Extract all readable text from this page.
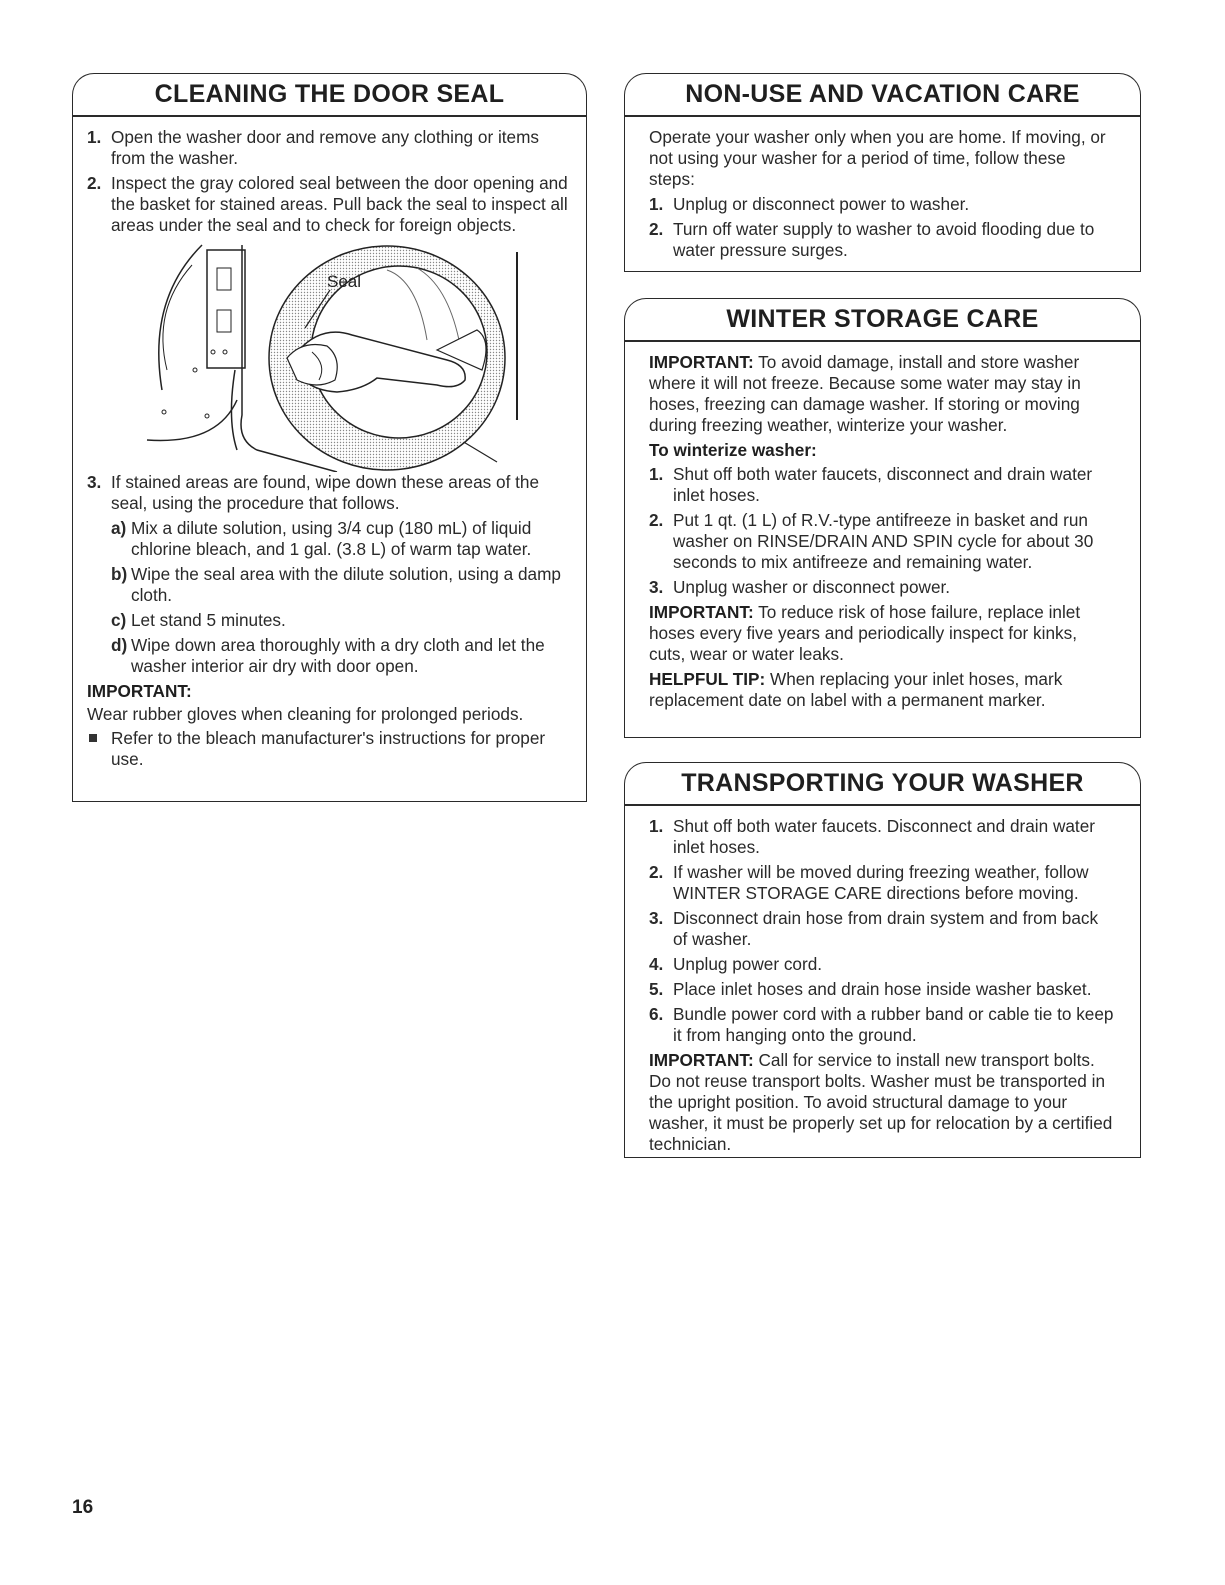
CLEANING THE DOOR SEAL
1. Open the washer door and remove any clothing or items from the washer.
2. Inspect the gray colored seal between the door opening and the basket for stained areas. Pull back the seal to inspect all areas under the seal and to check for foreign objects.
Seal
3. If stained areas are found, wipe down these areas of the seal, using the procedure that follows.
a) Mix a dilute solution, using 3/4 cup (180 mL) of liquid chlorine bleach, and 1 gal. (3.8 L) of warm tap water.
b) Wipe the seal area with the dilute solution, using a damp cloth.
c) Let stand 5 minutes.
d) Wipe down area thoroughly with a dry cloth and let the washer interior air dry with door open.

IMPORTANT:

Wear rubber gloves when cleaning for prolonged periods.

Refer to the bleach manufacturer's instructions for proper use.
NON-USE AND VACATION CARE

Operate your washer only when you are home. If moving, or not using your washer for a period of time, follow these steps:

1. Unplug or disconnect power to washer.
2. Turn off water supply to washer to avoid flooding due to water pressure surges.
WINTER STORAGE CARE

IMPORTANT: To avoid damage, install and store washer where it will not freeze. Because some water may stay in hoses, freezing can damage washer. If storing or moving during freezing weather, winterize your washer.

To winterize washer:

1. Shut off both water faucets, disconnect and drain water inlet hoses.
2. Put 1 qt. (1 L) of R.V.-type antifreeze in basket and run washer on RINSE/DRAIN AND SPIN cycle for about 30 seconds to mix antifreeze and remaining water.
3. Unplug washer or disconnect power.

IMPORTANT: To reduce risk of hose failure, replace inlet hoses every five years and periodically inspect for kinks, cuts, wear or water leaks.

HELPFUL TIP: When replacing your inlet hoses, mark replacement date on label with a permanent marker.

TRANSPORTING YOUR WASHER
1. Shut off both water faucets. Disconnect and drain water inlet hoses.
2. If washer will be moved during freezing weather, follow WINTER STORAGE CARE directions before moving.
3. Disconnect drain hose from drain system and from back of washer.
4. Unplug power cord.
5. Place inlet hoses and drain hose inside washer basket.
6. Bundle power cord with a rubber band or cable tie to keep it from hanging onto the ground.

IMPORTANT: Call for service to install new transport bolts. Do not reuse transport bolts. Washer must be transported in the upright position. To avoid structural damage to your washer, it must be properly set up for relocation by a certified technician.

16
